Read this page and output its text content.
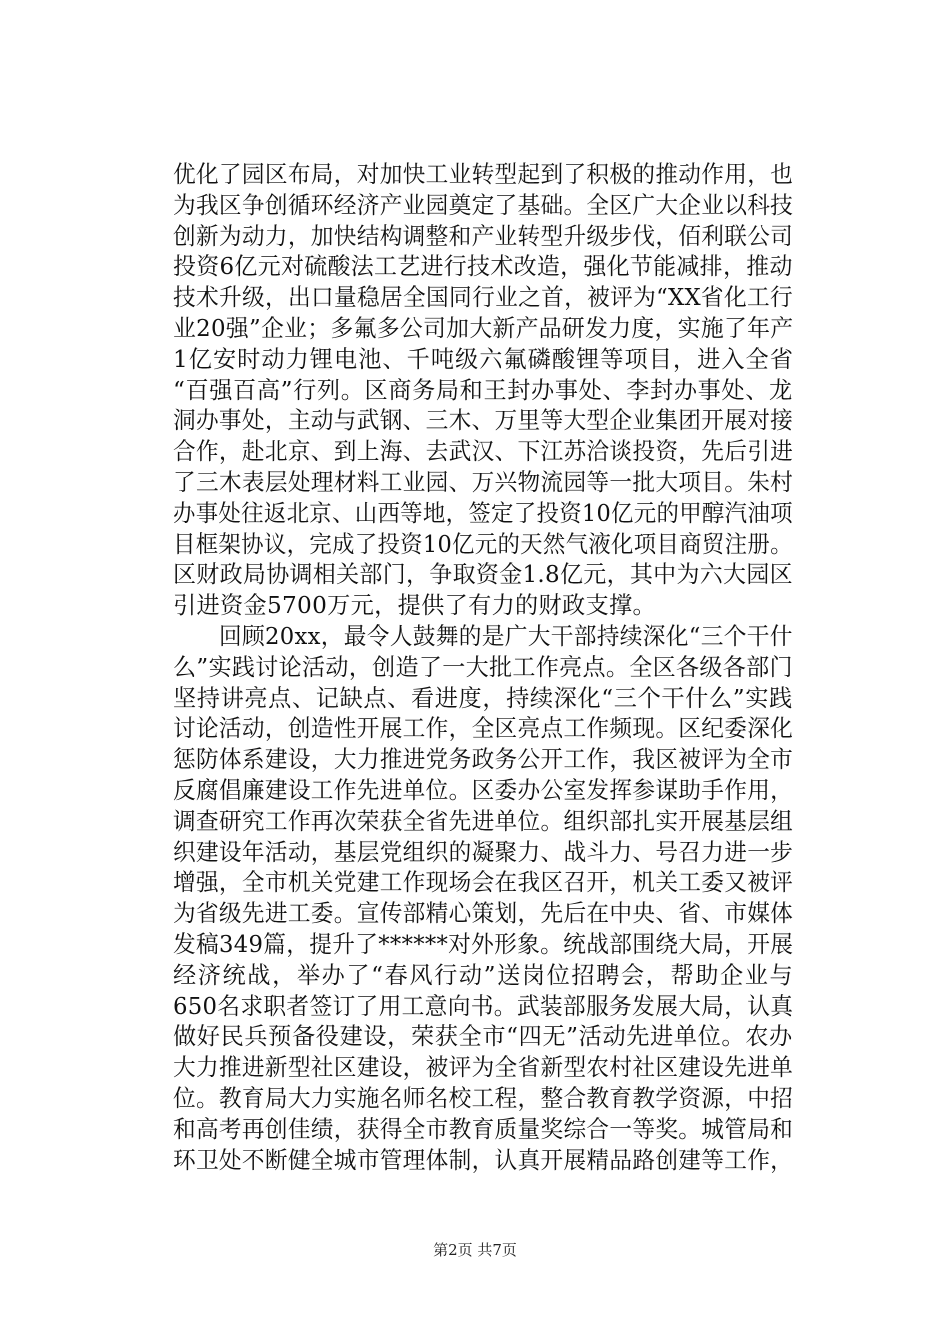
优化了园区布局，对加快工业转型起到了积极的推动作用，也
为我区争创循环经济产业园奠定了基础。全区广大企业以科技
创新为动力，加快结构调整和产业转型升级步伐，佰利联公司
投资6亿元对硫酸法工艺进行技术改造，强化节能减排，推动
技术升级，出口量稳居全国同行业之首，被评为“XX省化工行
业20强”企业；多氟多公司加大新产品研发力度，实施了年产
1亿安时动力锂电池、千吨级六氟磷酸锂等项目，进入全省
“百强百高”行列。区商务局和王封办事处、李封办事处、龙
洞办事处，主动与武钢、三木、万里等大型企业集团开展对接
合作，赴北京、到上海、去武汉、下江苏洽谈投资，先后引进
了三木表层处理材料工业园、万兴物流园等一批大项目。朱村
办事处往返北京、山西等地，签定了投资10亿元的甲醇汽油项
目框架协议，完成了投资10亿元的天然气液化项目商贸注册。
区财政局协调相关部门，争取资金1.8亿元，其中为六大园区
引进资金5700万元，提供了有力的财政支撑。
　　回顾20xx，最令人鼓舞的是广大干部持续深化“三个干什
么”实践讨论活动，创造了一大批工作亮点。全区各级各部门
坚持讲亮点、记缺点、看进度，持续深化“三个干什么”实践
讨论活动，创造性开展工作，全区亮点工作频现。区纪委深化
惩防体系建设，大力推进党务政务公开工作，我区被评为全市
反腐倡廉建设工作先进单位。区委办公室发挥参谋助手作用，
调查研究工作再次荣获全省先进单位。组织部扎实开展基层组
织建设年活动，基层党组织的凝聚力、战斗力、号召力进一步
增强，全市机关党建工作现场会在我区召开，机关工委又被评
为省级先进工委。宣传部精心策划，先后在中央、省、市媒体
发稿349篇，提升了******对外形象。统战部围绕大局，开展
经济统战，举办了“春风行动”送岗位招聘会，帮助企业与
650名求职者签订了用工意向书。武装部服务发展大局，认真
做好民兵预备役建设，荣获全市“四无”活动先进单位。农办
大力推进新型社区建设，被评为全省新型农村社区建设先进单
位。教育局大力实施名师名校工程，整合教育教学资源，中招
和高考再创佳绩，获得全市教育质量奖综合一等奖。城管局和
环卫处不断健全城市管理体制，认真开展精品路创建等工作，
第2页 共7页
